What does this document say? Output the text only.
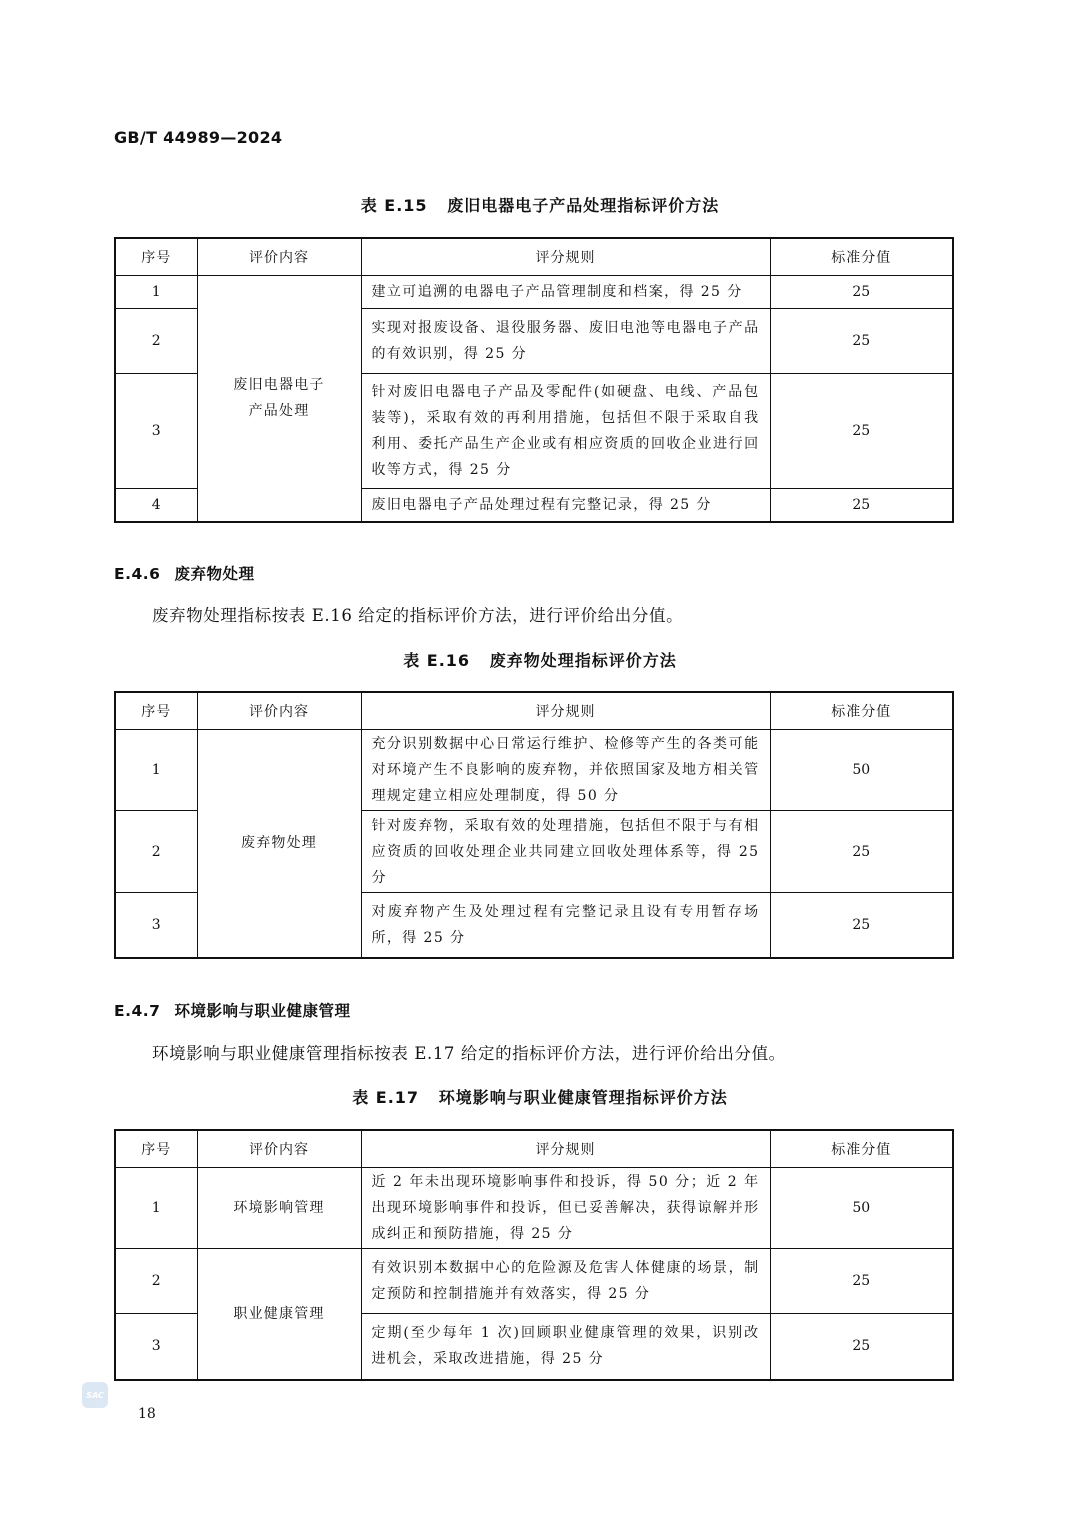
GB/T 44989—2024
表 E.15 废旧电器电子产品处理指标评价方法
序号	评价内容	评分规则	标准分值
1	废旧电器电子产品处理	建立可追溯的电器电子产品管理制度和档案，得 25 分	25
2		实现对报废设备、退役服务器、废旧电池等电器电子产品的有效识别，得 25 分	25
3		针对废旧电器电子产品及零配件(如硬盘、电线、产品包装等)，采取有效的再利用措施，包括但不限于采取自我利用、委托产品生产企业或有相应资质的回收企业进行回收等方式，得 25 分	25
4		废旧电器电子产品处理过程有完整记录，得 25 分	25
E.4.6 废弃物处理
废弃物处理指标按表 E.16 给定的指标评价方法，进行评价给出分值。
表 E.16 废弃物处理指标评价方法
序号	评价内容	评分规则	标准分值
1	废弃物处理	充分识别数据中心日常运行维护、检修等产生的各类可能对环境产生不良影响的废弃物，并依照国家及地方相关管理规定建立相应处理制度，得 50 分	50
2		针对废弃物，采取有效的处理措施，包括但不限于与有相应资质的回收处理企业共同建立回收处理体系等，得 25 分	25
3		对废弃物产生及处理过程有完整记录且设有专用暂存场所，得 25 分	25
E.4.7 环境影响与职业健康管理
环境影响与职业健康管理指标按表 E.17 给定的指标评价方法，进行评价给出分值。
表 E.17 环境影响与职业健康管理指标评价方法
序号	评价内容	评分规则	标准分值
1	环境影响管理	近 2 年未出现环境影响事件和投诉，得 50 分；近 2 年出现环境影响事件和投诉，但已妥善解决，获得谅解并形成纠正和预防措施，得 25 分	50
2	职业健康管理	有效识别本数据中心的危险源及危害人体健康的场景，制定预防和控制措施并有效落实，得 25 分	25
3		定期(至少每年 1 次)回顾职业健康管理的效果，识别改进机会，采取改进措施，得 25 分	25
SAC
18
